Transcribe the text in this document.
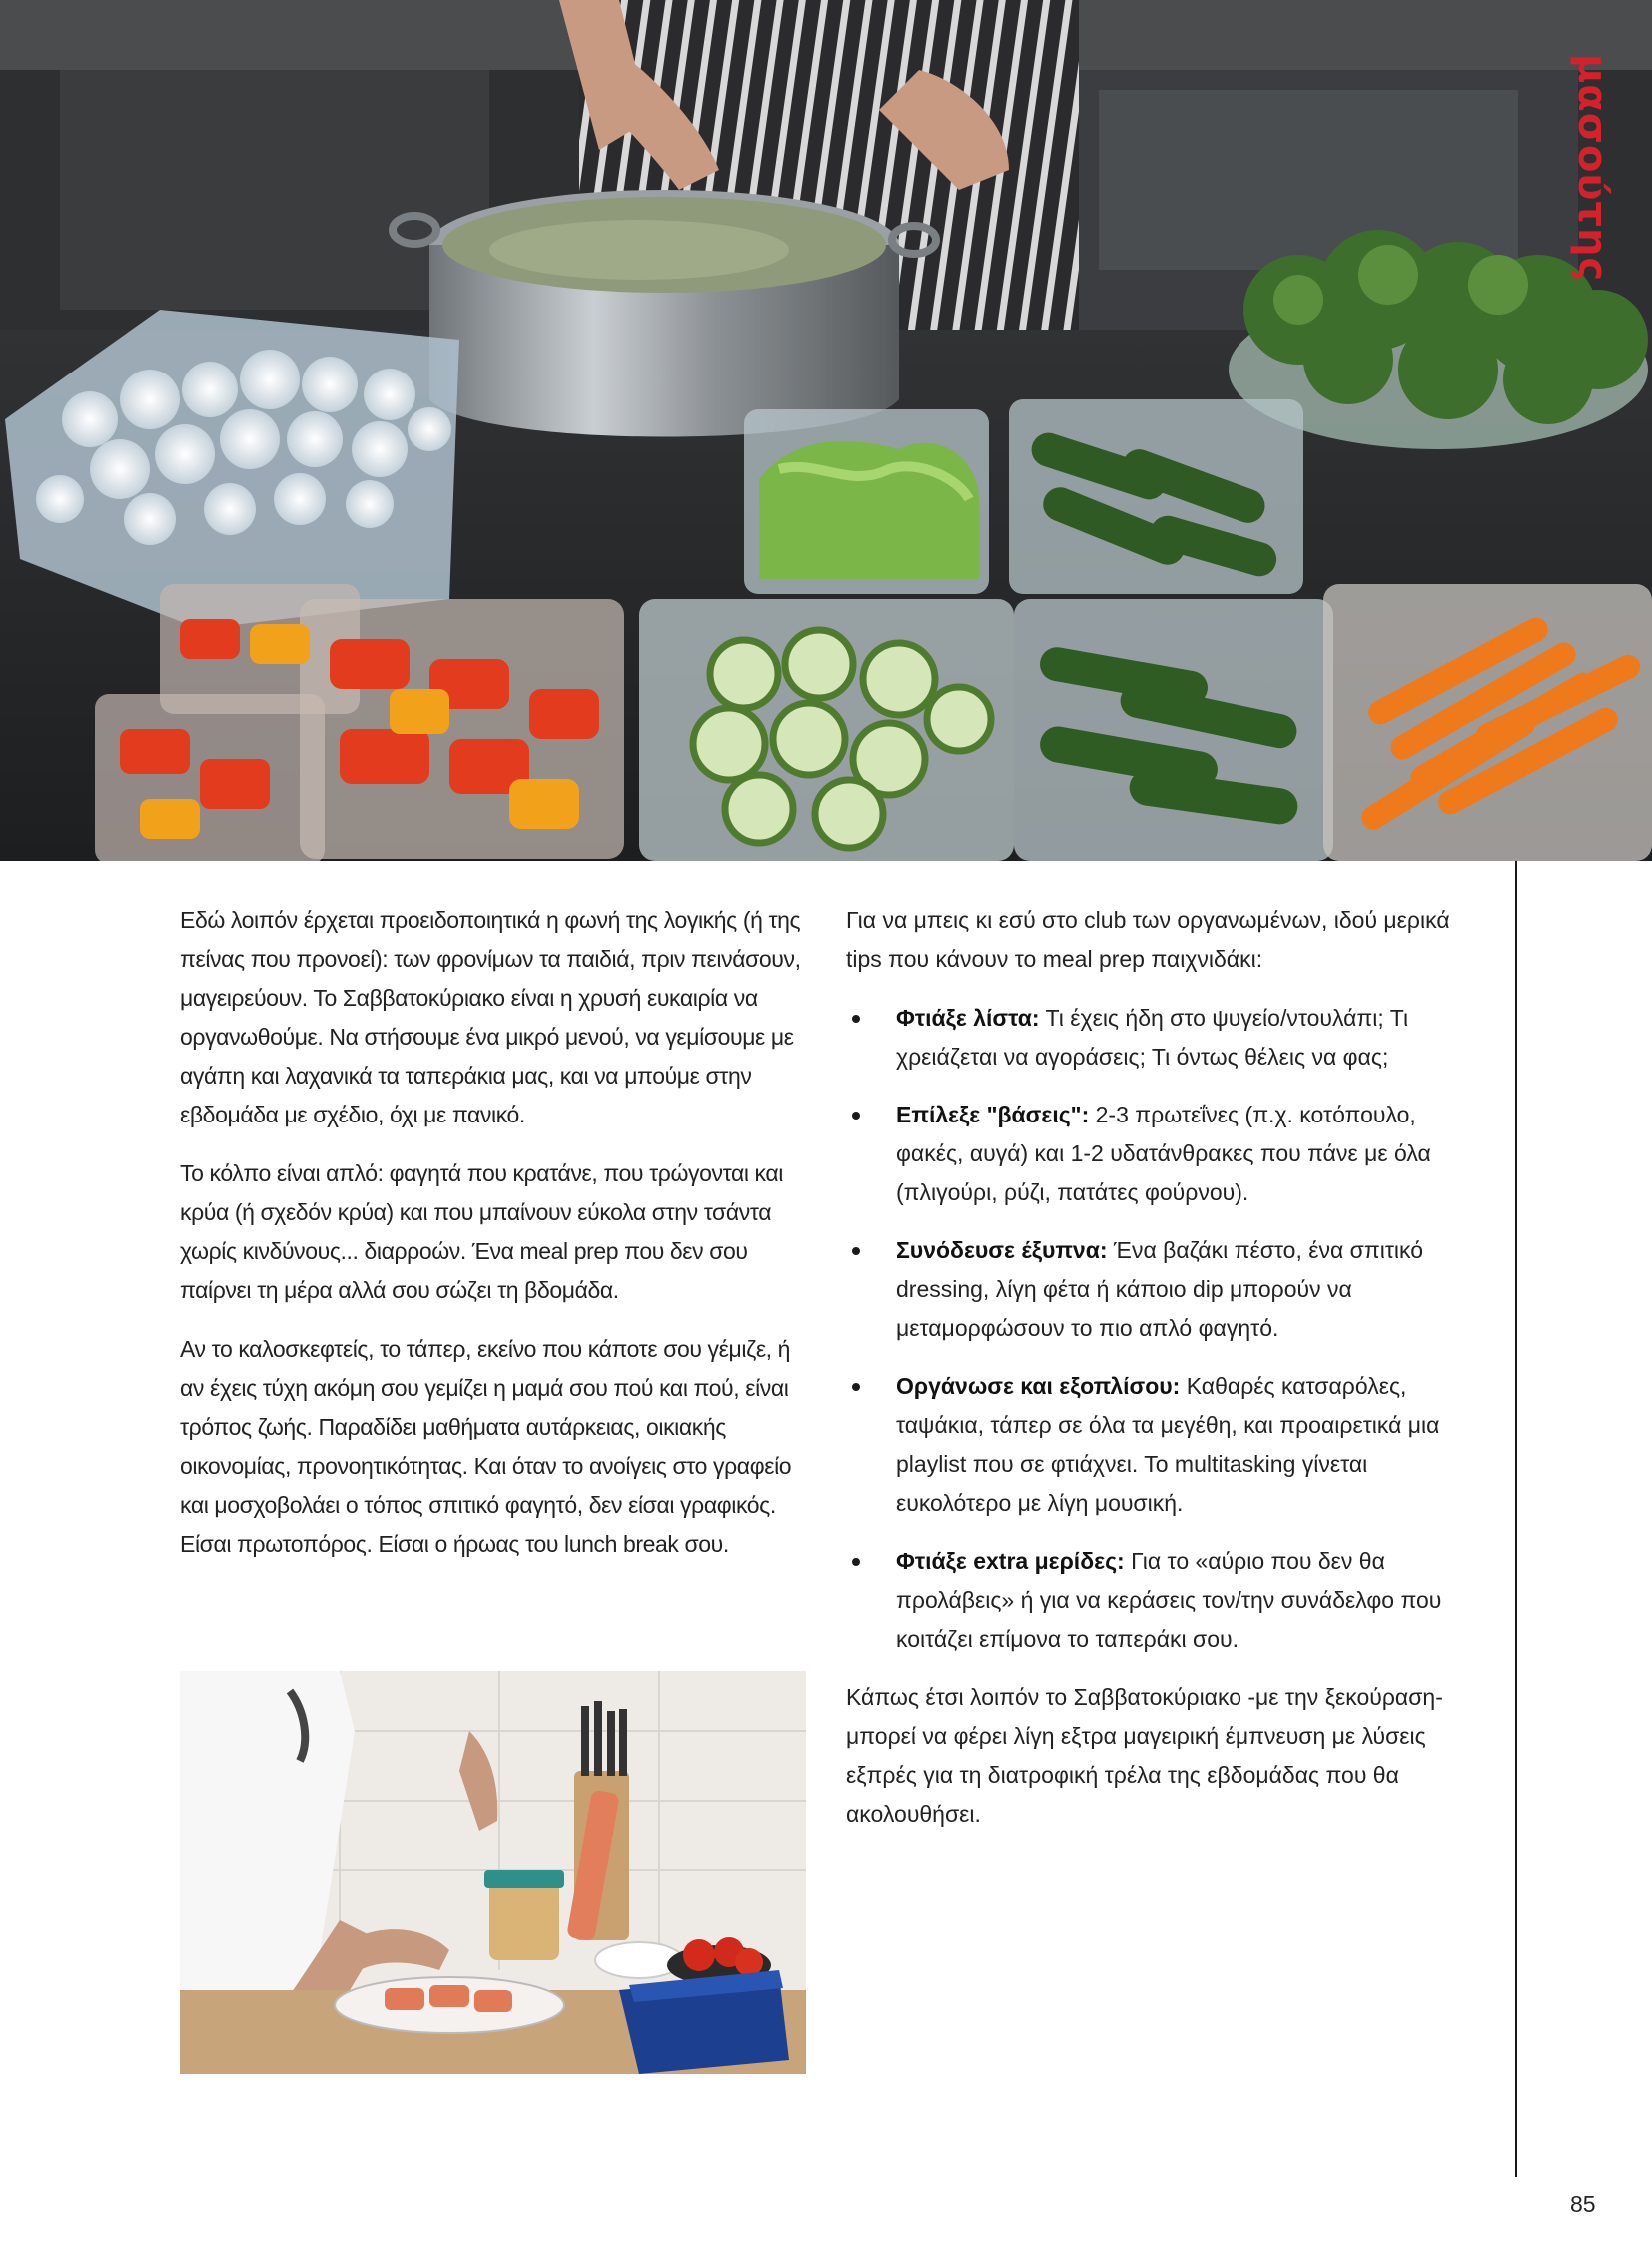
μασούτης

Εδώ λοιπόν έρχεται προειδοποιητικά η φωνή της λογικής (ή της πείνας που προνοεί): των φρονίμων τα παιδιά, πριν πεινάσουν, μαγειρεύουν. Το Σαββατοκύριακο είναι η χρυσή ευκαιρία να οργανωθούμε. Να στήσουμε ένα μικρό μενού, να γεμίσουμε με αγάπη και λαχανικά τα ταπεράκια μας, και να μπούμε στην εβδομάδα με σχέδιο, όχι με πανικό.

Το κόλπο είναι απλό: φαγητά που κρατάνε, που τρώγονται και κρύα (ή σχεδόν κρύα) και που μπαίνουν εύκολα στην τσάντα χωρίς κινδύνους... διαρροών. Ένα meal prep που δεν σου παίρνει τη μέρα αλλά σου σώζει τη βδομάδα.

Αν το καλοσκεφτείς, το τάπερ, εκείνο που κάποτε σου γέμιζε, ή αν έχεις τύχη ακόμη σου γεμίζει η μαμά σου πού και πού, είναι τρόπος ζωής. Παραδίδει μαθήματα αυτάρκειας, οικιακής οικονομίας, προνοητικότητας. Και όταν το ανοίγεις στο γραφείο και μοσχοβολάει ο τόπος σπιτικό φαγητό, δεν είσαι γραφικός. Είσαι πρωτοπόρος. Είσαι ο ήρωας του lunch break σου.

Για να μπεις κι εσύ στο club των οργανωμένων, ιδού μερικά tips που κάνουν το meal prep παιχνιδάκι:

Φτιάξε λίστα: Τι έχεις ήδη στο ψυγείο/ντουλάπι; Τι χρειάζεται να αγοράσεις; Τι όντως θέλεις να φας;
Επίλεξε "βάσεις": 2-3 πρωτεΐνες (π.χ. κοτόπουλο, φακές, αυγά) και 1-2 υδατάνθρακες που πάνε με όλα (πλιγούρι, ρύζι, πατάτες φούρνου).
Συνόδευσε έξυπνα: Ένα βαζάκι πέστο, ένα σπιτικό dressing, λίγη φέτα ή κάποιο dip μπορούν να μεταμορφώσουν το πιο απλό φαγητό.
Οργάνωσε και εξοπλίσου: Καθαρές κατσαρόλες, ταψάκια, τάπερ σε όλα τα μεγέθη, και προαιρετικά μια playlist που σε φτιάχνει. Το multitasking γίνεται ευκολότερο με λίγη μουσική.
Φτιάξε extra μερίδες: Για το «αύριο που δεν θα προλάβεις» ή για να κεράσεις τον/την συνάδελφο που κοιτάζει επίμονα το ταπεράκι σου.

Κάπως έτσι λοιπόν το Σαββατοκύριακο -με την ξεκούραση- μπορεί να φέρει λίγη εξτρα μαγειρική έμπνευση με λύσεις εξπρές για τη διατροφική τρέλα της εβδομάδας που θα ακολουθήσει.

85
